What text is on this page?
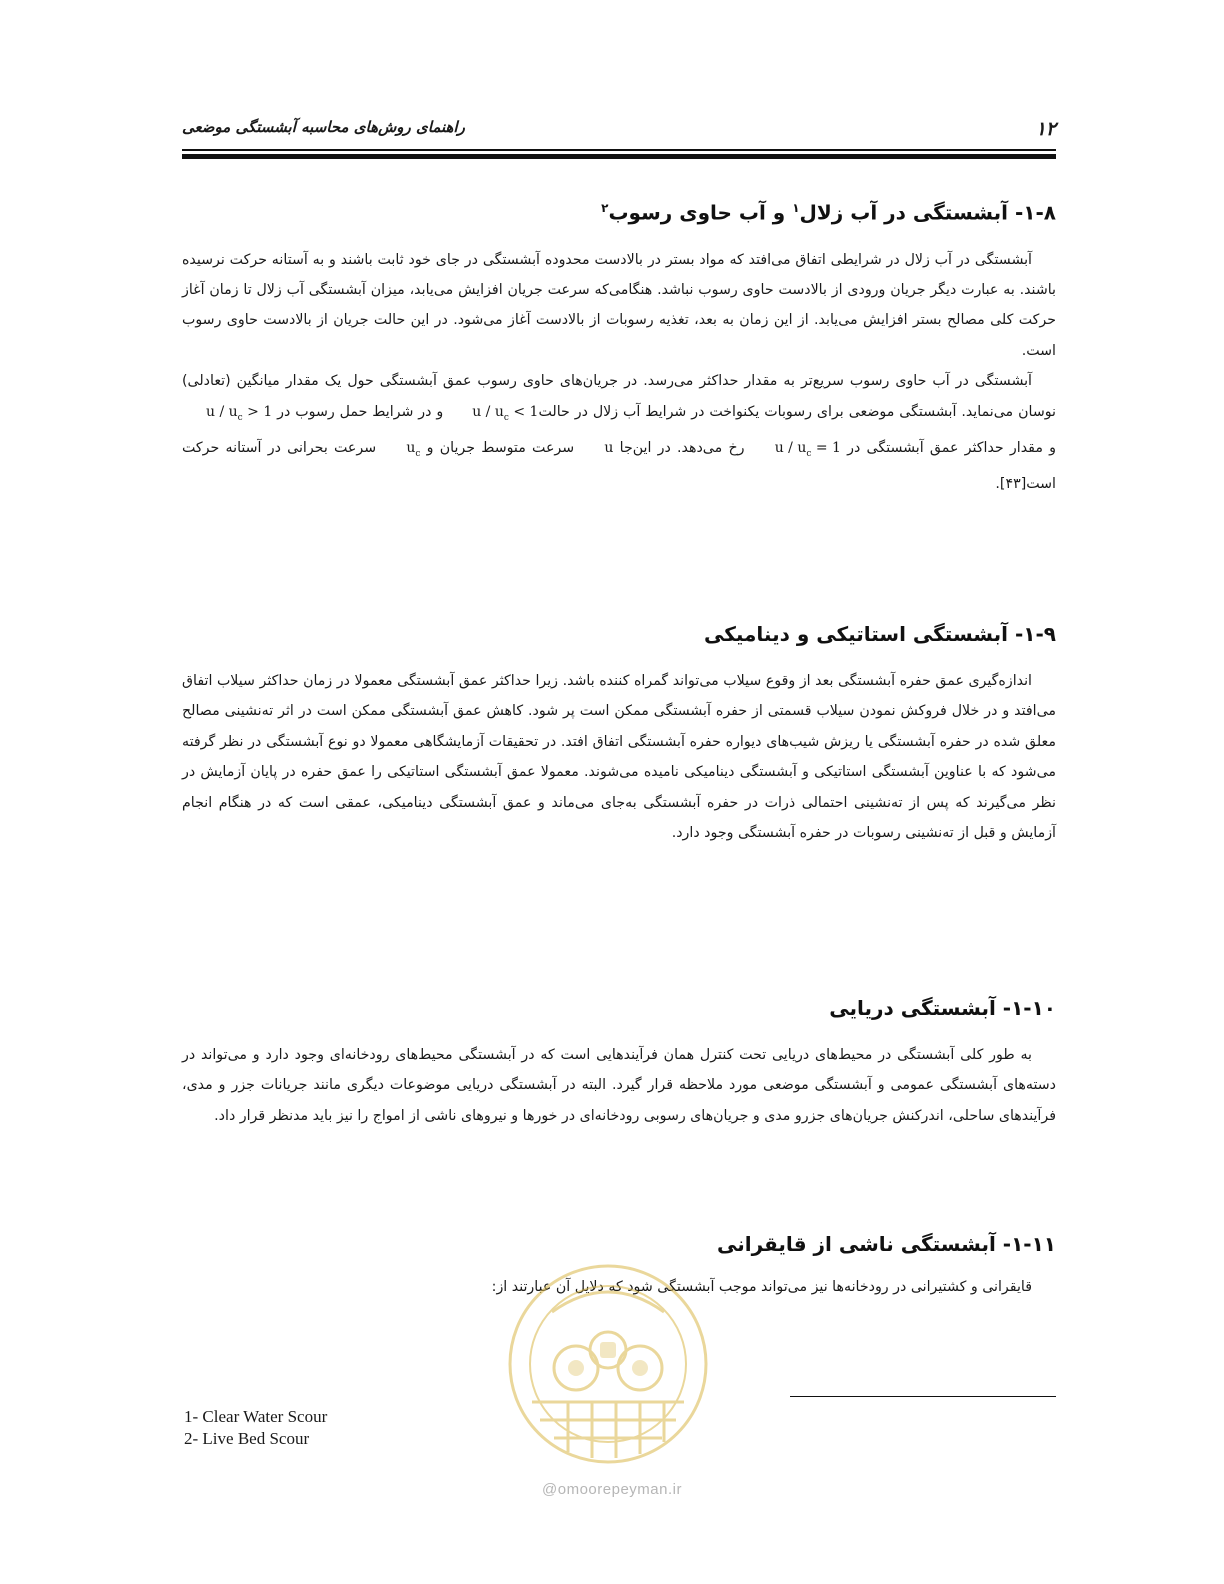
۱۲
راهنمای روش‌های محاسبه آبشستگی موضعی
۱-۸- آبشستگی در آب زلال$^۱$ و آب حاوی رسوب$^۲$

آبشستگی در آب زلال در شرایطی اتفاق می‌افتد که مواد بستر در بالادست محدوده آبشستگی در جای خود ثابت باشند و به آستانه حرکت نرسیده باشند. به عبارت دیگر جریان ورودی از بالادست حاوی رسوب نباشد. هنگامی‌که سرعت جریان افزایش می‌یابد، میزان آبشستگی آب زلال تا زمان آغاز حرکت کلی مصالح بستر افزایش می‌یابد. از این زمان به بعد، تغذیه رسوبات از بالادست آغاز می‌شود. در این حالت جریان از بالادست حاوی رسوب است.

آبشستگی در آب حاوی رسوب سریع‌تر به مقدار حداکثر می‌رسد. در جریان‌های حاوی رسوب عمق آبشستگی حول یک مقدار میانگین (تعادلی) نوسان می‌نماید. آبشستگی موضعی برای رسوبات یکنواخت در شرایط آب زلال در حالتu / $u_c < 1$ و در شرایط حمل رسوب در $u / u_c > 1$ و مقدار حداکثر عمق آبشستگی در $u / u_c = 1$ رخ می‌دهد. در این‌جا u سرعت متوسط جریان و $u_c$ سرعت بحرانی در آستانه حرکت است[۴۳].

۱-۹- آبشستگی استاتیکی و دینامیکی

اندازه‌گیری عمق حفره آبشستگی بعد از وقوع سیلاب می‌تواند گمراه کننده باشد. زیرا حداکثر عمق آبشستگی معمولا در زمان حداکثر سیلاب اتفاق می‌افتد و در خلال فروکش نمودن سیلاب قسمتی از حفره آبشستگی ممکن است پر شود. کاهش عمق آبشستگی ممکن است در اثر ته‌نشینی مصالح معلق شده در حفره آبشستگی یا ریزش شیب‌های دیواره حفره آبشستگی اتفاق افتد. در تحقیقات آزمایشگاهی معمولا دو نوع آبشستگی در نظر گرفته می‌شود که با عناوین آبشستگی استاتیکی و آبشستگی دینامیکی نامیده می‌شوند. معمولا عمق آبشستگی استاتیکی را عمق حفره در پایان آزمایش در نظر می‌گیرند که پس از ته‌نشینی احتمالی ذرات در حفره آبشستگی به‌جای می‌ماند و عمق آبشستگی دینامیکی، عمقی است که در هنگام انجام آزمایش و قبل از ته‌نشینی رسوبات در حفره آبشستگی وجود دارد.

۱-۱۰- آبشستگی دریایی

به طور کلی آبشستگی در محیط‌های دریایی تحت کنترل همان فرآیندهایی است که در آبشستگی محیط‌های رودخانه‌ای وجود دارد و می‌تواند در دسته‌های آبشستگی عمومی و آبشستگی موضعی مورد ملاحظه قرار گیرد. البته در آبشستگی دریایی موضوعات دیگری مانند جریانات جزر و مدی، فرآیندهای ساحلی، اندرکنش جریان‌های جزرو مدی و جریان‌های رسوبی رودخانه‌ای در خورها و نیروهای ناشی از امواج را نیز باید مدنظر قرار داد.

۱-۱۱- آبشستگی ناشی از قایقرانی

قایقرانی و کشتیرانی در رودخانه‌ها نیز می‌تواند موجب آبشستگی شود که دلایل آن عبارتند از:

1- Clear Water Scour
2- Live Bed Scour
@omoorepeyman.ir
